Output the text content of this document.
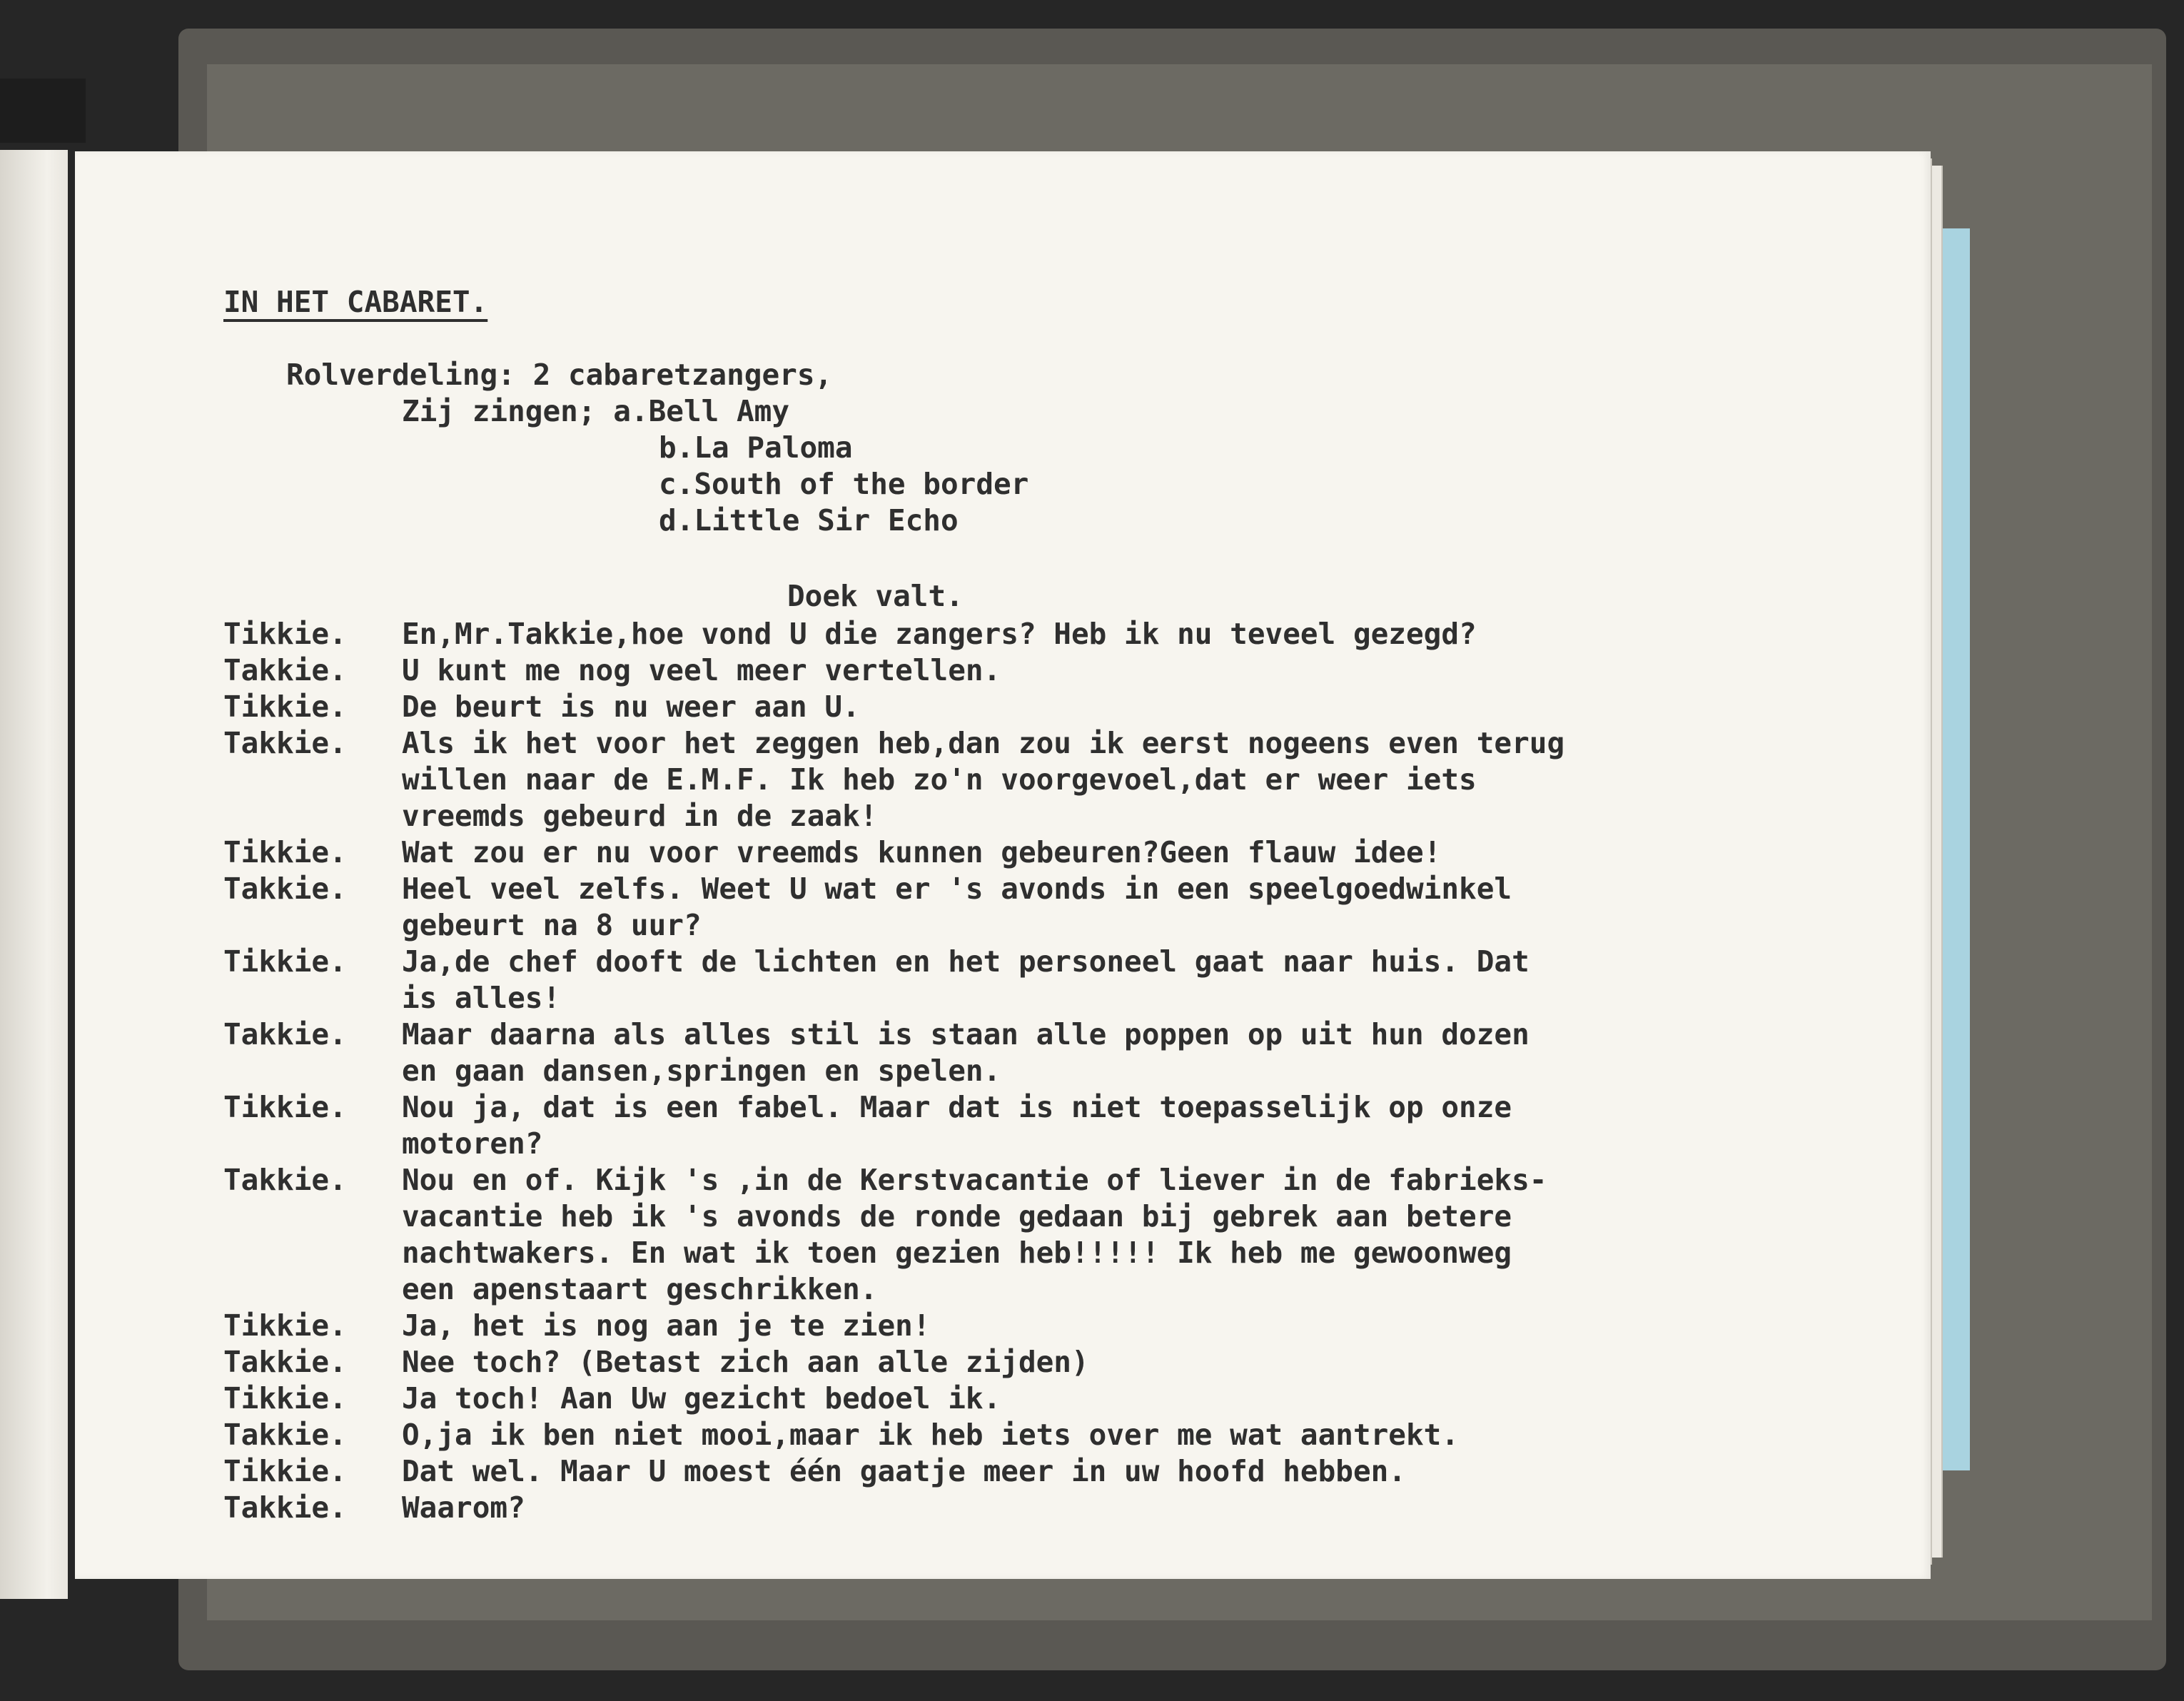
IN HET CABARET.

Rolverdeling: 2 cabaretzangers,

Zij zingen; a.Bell Amy

b.La Paloma

c.South of the border

d.Little Sir Echo

Doek valt.

Tikkie. En,Mr.Takkie,hoe vond U die zangers? Heb ik nu teveel gezegd?
Takkie. U kunt me nog veel meer vertellen.
Tikkie. De beurt is nu weer aan U.
Takkie. Als ik het voor het zeggen heb,dan zou ik eerst nogeens even terug
willen naar de E.M.F. Ik heb zo'n voorgevoel,dat er weer iets
vreemds gebeurd in de zaak!
Tikkie. Wat zou er nu voor vreemds kunnen gebeuren?Geen flauw idee!
Takkie. Heel veel zelfs. Weet U wat er 's avonds in een speelgoedwinkel
gebeurt na 8 uur?
Tikkie. Ja,de chef dooft de lichten en het personeel gaat naar huis. Dat
is alles!
Takkie. Maar daarna als alles stil is staan alle poppen op uit hun dozen
en gaan dansen,springen en spelen.
Tikkie. Nou ja, dat is een fabel. Maar dat is niet toepasselijk op onze
motoren?
Takkie. Nou en of. Kijk 's ,in de Kerstvacantie of liever in de fabrieks-
vacantie heb ik 's avonds de ronde gedaan bij gebrek aan betere
nachtwakers. En wat ik toen gezien heb!!!!! Ik heb me gewoonweg
een apenstaart geschrikken.
Tikkie. Ja, het is nog aan je te zien!
Takkie. Nee toch? (Betast zich aan alle zijden)
Tikkie. Ja toch! Aan Uw gezicht bedoel ik.
Takkie. O,ja ik ben niet mooi,maar ik heb iets over me wat aantrekt.
Tikkie. Dat wel. Maar U moest één gaatje meer in uw hoofd hebben.
Takkie. Waarom?
